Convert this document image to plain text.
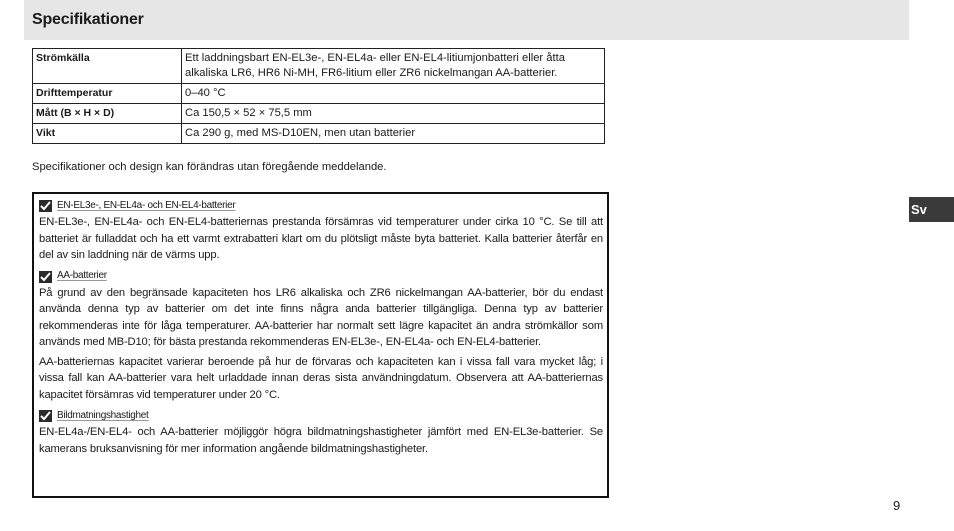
Specifikationer
Strömkälla	Ett laddningsbart EN-EL3e-, EN-EL4a- eller EN-EL4-litiumjonbatteri eller åtta alkaliska LR6, HR6 Ni-MH, FR6-litium eller ZR6 nickelmangan AA-batterier.
Drifttemperatur	0–40 °C
Mått (B × H × D)	Ca 150,5 × 52 × 75,5 mm
Vikt	Ca 290 g, med MS-D10EN, men utan batterier
Specifikationer och design kan förändras utan föregående meddelande.
EN-EL3e-, EN-EL4a- och EN-EL4-batterier

EN-EL3e-, EN-EL4a- och EN-EL4-batteriernas prestanda försämras vid temperaturer under cirka 10 °C. Se till att batteriet är fulladdat och ha ett varmt extrabatteri klart om du plötsligt måste byta batteriet. Kalla batterier återfår en del av sin laddning när de värms upp.

AA-batterier

På grund av den begränsade kapaciteten hos LR6 alkaliska och ZR6 nickelmangan AA-batterier, bör du endast använda denna typ av batterier om det inte finns några anda batterier tillgängliga. Denna typ av batterier rekommenderas inte för låga temperaturer. AA-batterier har normalt sett lägre kapacitet än andra strömkällor som används med MB-D10; för bästa prestanda rekommenderas EN-EL3e-, EN-EL4a- och EN-EL4-batterier.

AA-batteriernas kapacitet varierar beroende på hur de förvaras och kapaciteten kan i vissa fall vara mycket låg; i vissa fall kan AA-batterier vara helt urladdade innan deras sista användningdatum. Observera att AA-batteriernas kapacitet försämras vid temperaturer under 20 °C.

Bildmatningshastighet

EN-EL4a-/EN-EL4- och AA-batterier möjliggör högra bildmatningshastigheter jämfört med EN-EL3e-batterier. Se kamerans bruksanvisning för mer information angående bildmatningshastigheter.

Sv
9
